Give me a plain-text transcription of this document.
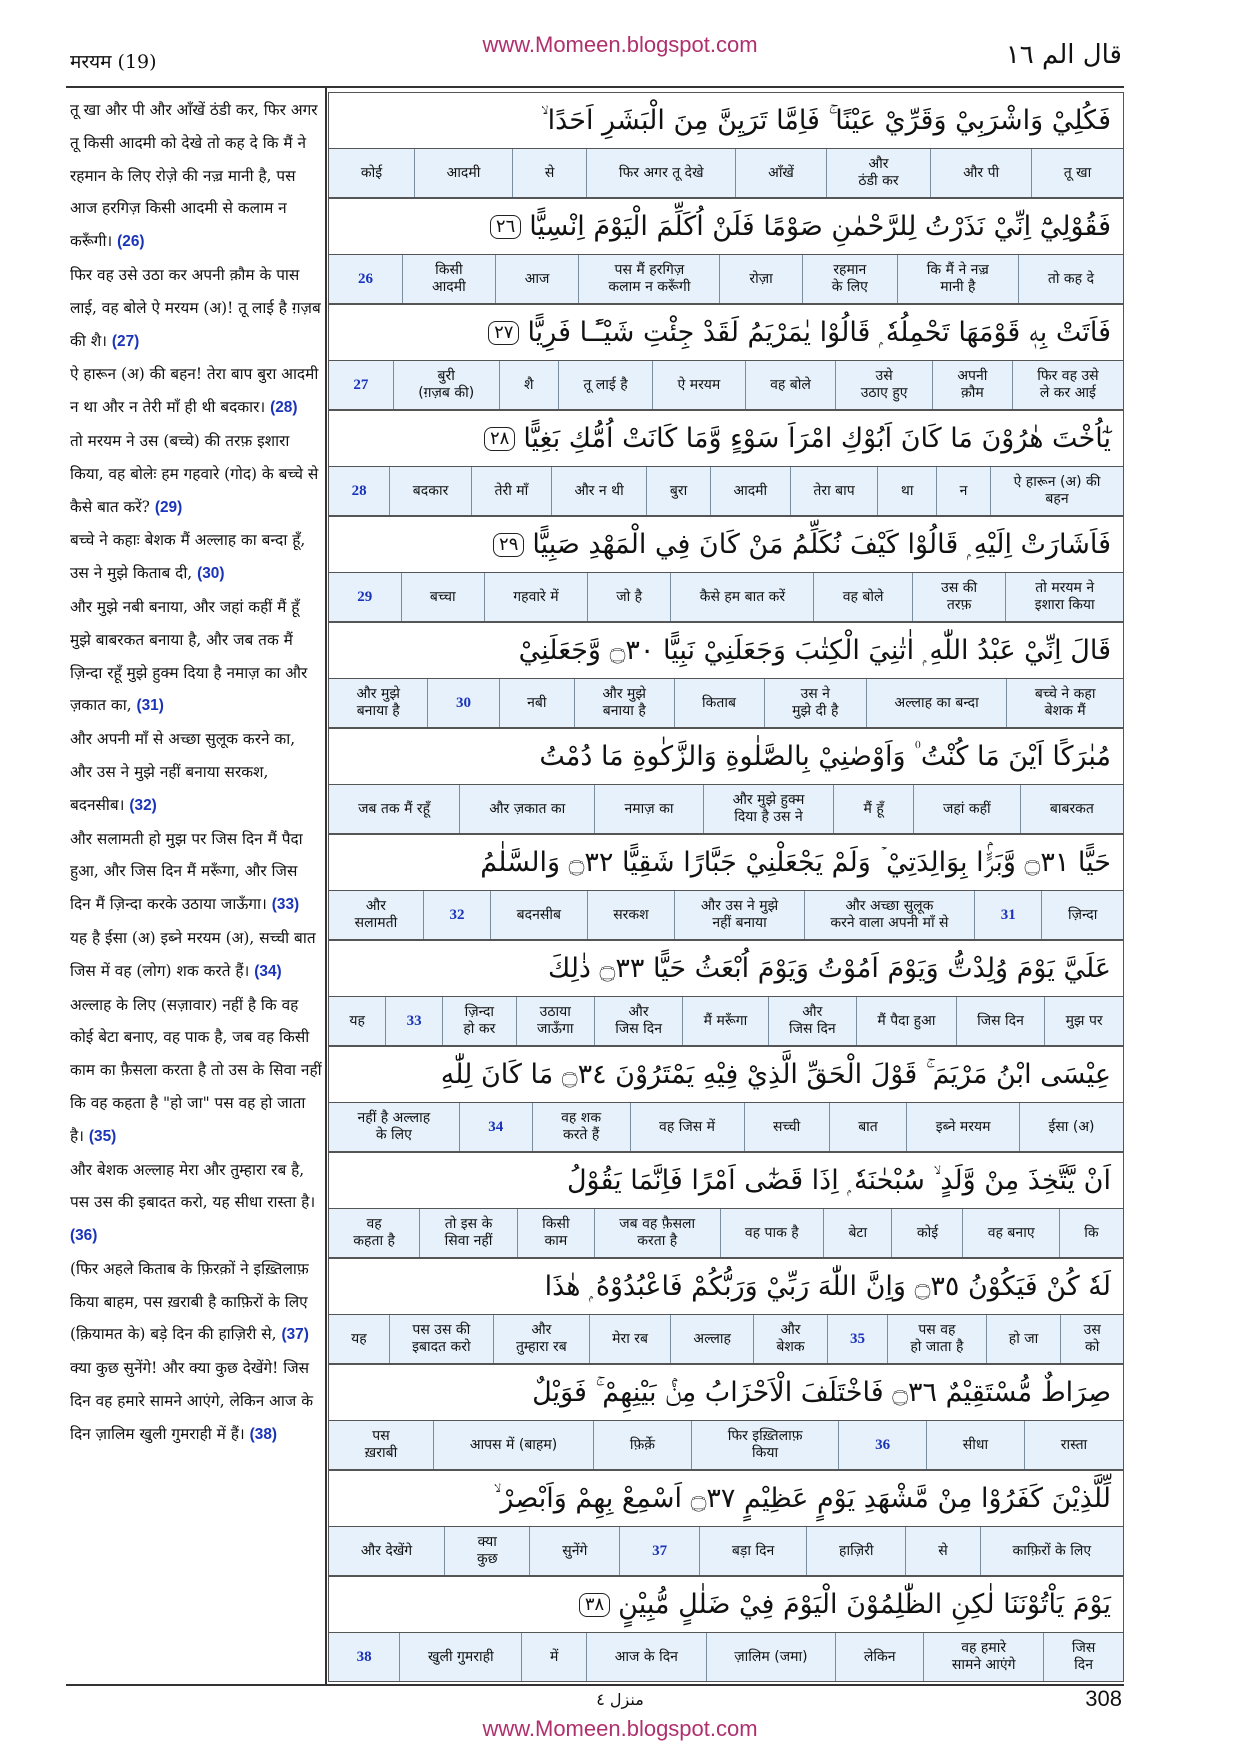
मरयम (19)
www.Momeen.blogspot.com	قال الم ١٦
तू खा और पी और आँखें ठंडी कर, फिर अगर तू किसी आदमी को देखे तो कह दे कि मैं ने रहमान के लिए रोज़े की नज़्र मानी है, पस आज हरगिज़ किसी आदमी से कलाम न करूँगी। (26)
फिर वह उसे उठा कर अपनी क़ौम के पास लाई, वह बोले ऐ मरयम (अ)! तू लाई है ग़ज़ब की शै। (27)
ऐ हारून (अ) की बहन! तेरा बाप बुरा आदमी न था और न तेरी माँ ही थी बदकार। (28)
तो मरयम ने उस (बच्चे) की तरफ़ इशारा किया, वह बोलेः हम गहवारे (गोद) के बच्चे से कैसे बात करें? (29)
बच्चे ने कहाः बेशक मैं अल्लाह का बन्दा हूँ, उस ने मुझे किताब दी, (30)
और मुझे नबी बनाया, और जहां कहीं मैं हूँ मुझे बाबरकत बनाया है, और जब तक मैं ज़िन्दा रहूँ मुझे हुक्म दिया है नमाज़ का और ज़कात का, (31)
और अपनी माँ से अच्छा सुलूक करने का, और उस ने मुझे नहीं बनाया सरकश, बदनसीब। (32)
और सलामती हो मुझ पर जिस दिन मैं पैदा हुआ, और जिस दिन मैं मरूँगा, और जिस दिन मैं ज़िन्दा करके उठाया जाऊँगा। (33)
यह है ईसा (अ) इब्ने मरयम (अ), सच्ची बात जिस में वह (लोग) शक करते हैं। (34)
अल्लाह के लिए (सज़ावार) नहीं है कि वह कोई बेटा बनाए, वह पाक है, जब वह किसी काम का फ़ैसला करता है तो उस के सिवा नहीं कि वह कहता है "हो जा" पस वह हो जाता है। (35)
और बेशक अल्लाह मेरा और तुम्हारा रब है, पस उस की इबादत करो, यह सीधा रास्ता है। (36)
(फिर अहले किताब के फ़िरक़ों ने इख़्तिलाफ़ किया बाहम, पस ख़राबी है काफ़िरों के लिए (क़ियामत के) बड़े दिन की हाज़िरी से, (37)
क्या कुछ सुनेंगे! और क्या कुछ देखेंगे! जिस दिन वह हमारे सामने आएंगे, लेकिन आज के दिन ज़ालिम खुली गुमराही में हैं। (38)
فَكُلِيْ وَاشْرَبِيْ وَقَرِّيْ عَيْنًا ۚ فَاِمَّا تَرَيِنَّ مِنَ الْبَشَرِ اَحَدًا ۙ
तू खा
और पी
और
ठंडी कर
आँखें
फिर अगर तू देखे
से
आदमी
कोई
فَقُوْلِيْٓ اِنِّيْ نَذَرْتُ لِلرَّحْمٰنِ صَوْمًا فَلَنْ اُكَلِّمَ الْيَوْمَ اِنْسِيًّا
٢٦
तो कह दे
कि मैं ने नज़्र
मानी है
रहमान
के लिए
रोज़ा
पस मैं हरगिज़
कलाम न करूँगी
आज
किसी
आदमी
26
فَاَتَتْ بِهٖ قَوْمَهَا تَحْمِلُهٗ ۭ قَالُوْا يٰمَرْيَمُ لَقَدْ جِئْتِ شَيْـًٔـا فَرِيًّا
٢٧
फिर वह उसे
ले कर आई
अपनी
क़ौम
उसे
उठाए हुए
वह बोले
ऐ मरयम
तू लाई है
शै
बुरी
(ग़ज़ब की)
27
يٰٓاُخْتَ هٰرُوْنَ مَا كَانَ اَبُوْكِ امْرَاَ سَوْءٍ وَّمَا كَانَتْ اُمُّكِ بَغِيًّا
٢٨
ऐ हारून (अ) की
बहन
न
था
तेरा बाप
आदमी
बुरा
और न थी
तेरी माँ
बदकार
28
فَاَشَارَتْ اِلَيْهِ ۭ قَالُوْا كَيْفَ نُكَلِّمُ مَنْ كَانَ فِي الْمَهْدِ صَبِيًّا
٢٩
तो मरयम ने
इशारा किया
उस की
तरफ़
वह बोले
कैसे हम बात करें
जो है
गहवारे में
बच्चा
29
قَالَ اِنِّيْ عَبْدُ اللّٰهِ ۭ اٰتٰنِيَ الْكِتٰبَ وَجَعَلَنِيْ نَبِيًّا ۝٣٠ وَّجَعَلَنِيْ
बच्चे ने कहा
बेशक मैं
अल्लाह का बन्दा
उस ने
मुझे दी है
किताब
और मुझे
बनाया है
नबी
30
और मुझे
बनाया है
مُبٰرَكًا اَيْنَ مَا كُنْتُ ۠ وَاَوْصٰنِيْ بِالصَّلٰوةِ وَالزَّكٰوةِ مَا دُمْتُ
बाबरकत
जहां कहीं
मैं हूँ
और मुझे हुक्म
दिया है उस ने
नमाज़ का
और ज़कात का
जब तक मैं रहूँ
حَيًّا ۝٣١ وَّبَرًّۢا بِوَالِدَتِيْ ۡ وَلَمْ يَجْعَلْنِيْ جَبَّارًا شَقِيًّا ۝٣٢ وَالسَّلٰمُ
ज़िन्दा
31
और अच्छा सुलूक
करने वाला अपनी माँ से
और उस ने मुझे
नहीं बनाया
सरकश
बदनसीब
32
और
सलामती
عَلَيَّ يَوْمَ وُلِدْتُّ وَيَوْمَ اَمُوْتُ وَيَوْمَ اُبْعَثُ حَيًّا ۝٣٣ ذٰلِكَ
मुझ पर
जिस दिन
मैं पैदा हुआ
और
जिस दिन
मैं मरूँगा
और
जिस दिन
उठाया
जाऊँगा
ज़िन्दा
हो कर
33
यह
عِيْسَى ابْنُ مَرْيَمَ ۚ قَوْلَ الْحَقِّ الَّذِيْ فِيْهِ يَمْتَرُوْنَ ۝٣٤ مَا كَانَ لِلّٰهِ
ईसा (अ)
इब्ने मरयम
बात
सच्ची
वह जिस में
वह शक
करते हैं
34
नहीं है अल्लाह
के लिए
اَنْ يَّتَّخِذَ مِنْ وَّلَدٍ ۙ سُبْحٰنَهٗ ۭ اِذَا قَضٰٓى اَمْرًا فَاِنَّمَا يَقُوْلُ
कि
वह बनाए
कोई
बेटा
वह पाक है
जब वह फ़ैसला
करता है
किसी
काम
तो इस के
सिवा नहीं
वह
कहता है
لَهٗ كُنْ فَيَكُوْنُ ۝٣٥ وَاِنَّ اللّٰهَ رَبِّيْ وَرَبُّكُمْ فَاعْبُدُوْهُ ۭ هٰذَا
उस
को
हो जा
पस वह
हो जाता है
35
और
बेशक
अल्लाह
मेरा रब
और
तुम्हारा रब
पस उस की
इबादत करो
यह
صِرَاطٌ مُّسْتَقِيْمٌ ۝٣٦ فَاخْتَلَفَ الْاَحْزَابُ مِنْۢ بَيْنِهِمْ ۚ فَوَيْلٌ
रास्ता
सीधा
36
फिर इख़्तिलाफ़
किया
फ़िर्क़े
आपस में (बाहम)
पस
ख़राबी
لِّلَّذِيْنَ كَفَرُوْا مِنْ مَّشْهَدِ يَوْمٍ عَظِيْمٍ ۝٣٧ اَسْمِعْ بِهِمْ وَاَبْصِرْ ۙ
काफ़िरों के लिए
से
हाज़िरी
बड़ा दिन
37
सुनेंगे
क्या
कुछ
और देखेंगे
يَوْمَ يَاْتُوْنَنَا لٰكِنِ الظّٰلِمُوْنَ الْيَوْمَ فِيْ ضَلٰلٍ مُّبِيْنٍ
٣٨
जिस
दिन
वह हमारे
सामने आएंगे
लेकिन
ज़ालिम (जमा)
आज के दिन
में
खुली गुमराही
38
منزل ٤	308
www.Momeen.blogspot.com
